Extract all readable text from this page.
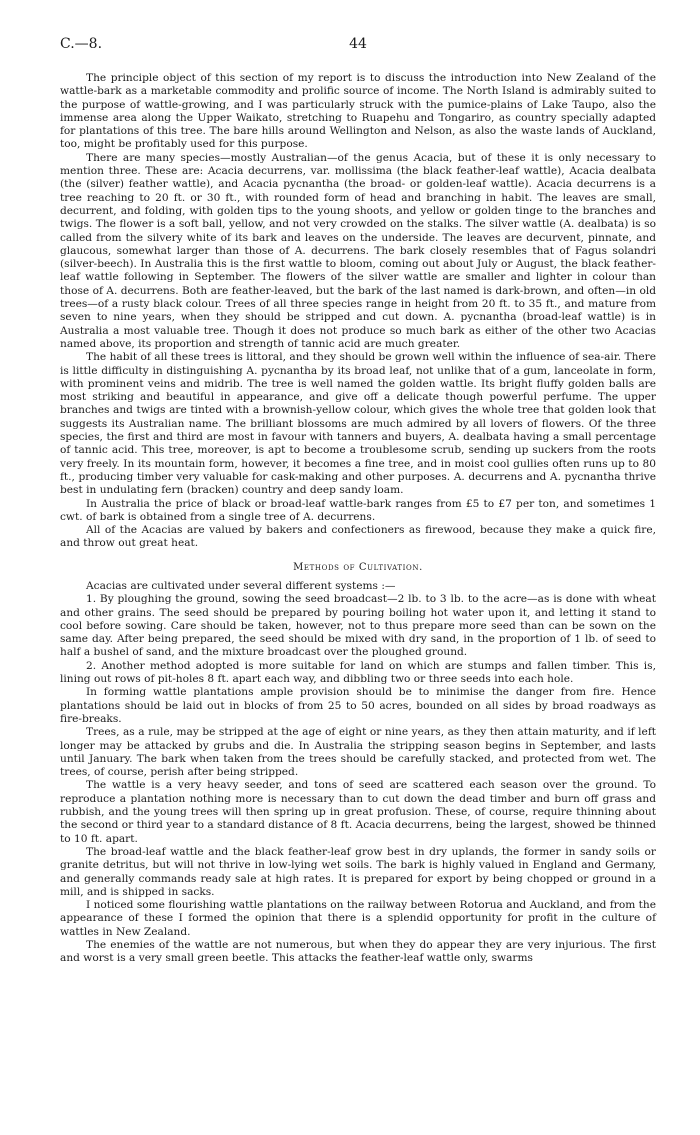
C.—8.	44

The principle object of this section of my report is to discuss the introduction into New Zealand of the wattle-bark as a marketable commodity and prolific source of income. The North Island is admirably suited to the purpose of wattle-growing, and I was particularly struck with the pumice-plains of Lake Taupo, also the immense area along the Upper Waikato, stretching to Ruapehu and Tongariro, as country specially adapted for plantations of this tree. The bare hills around Wellington and Nelson, as also the waste lands of Auckland, too, might be profitably used for this purpose.

There are many species—mostly Australian—of the genus Acacia, but of these it is only necessary to mention three. These are: Acacia decurrens, var. mollissima (the black feather-leaf wattle), Acacia dealbata (the (silver) feather wattle), and Acacia pycnantha (the broad- or golden-leaf wattle). Acacia decurrens is a tree reaching to 20 ft. or 30 ft., with rounded form of head and branching in habit. The leaves are small, decurrent, and folding, with golden tips to the young shoots, and yellow or golden tinge to the branches and twigs. The flower is a soft ball, yellow, and not very crowded on the stalks. The silver wattle (A. dealbata) is so called from the silvery white of its bark and leaves on the underside. The leaves are decurvent, pinnate, and glaucous, somewhat larger than those of A. decurrens. The bark closely resembles that of Fagus solandri (silver-beech). In Australia this is the first wattle to bloom, coming out about July or August, the black feather-leaf wattle following in September. The flowers of the silver wattle are smaller and lighter in colour than those of A. decurrens. Both are feather-leaved, but the bark of the last named is dark-brown, and often—in old trees—of a rusty black colour. Trees of all three species range in height from 20 ft. to 35 ft., and mature from seven to nine years, when they should be stripped and cut down. A. pycnantha (broad-leaf wattle) is in Australia a most valuable tree. Though it does not produce so much bark as either of the other two Acacias named above, its proportion and strength of tannic acid are much greater.

The habit of all these trees is littoral, and they should be grown well within the influence of sea-air. There is little difficulty in distinguishing A. pycnantha by its broad leaf, not unlike that of a gum, lanceolate in form, with prominent veins and midrib. The tree is well named the golden wattle. Its bright fluffy golden balls are most striking and beautiful in appearance, and give off a delicate though powerful perfume. The upper branches and twigs are tinted with a brownish-yellow colour, which gives the whole tree that golden look that suggests its Australian name. The brilliant blossoms are much admired by all lovers of flowers. Of the three species, the first and third are most in favour with tanners and buyers, A. dealbata having a small percentage of tannic acid. This tree, moreover, is apt to become a troublesome scrub, sending up suckers from the roots very freely. In its mountain form, however, it becomes a fine tree, and in moist cool gullies often runs up to 80 ft., producing timber very valuable for cask-making and other purposes. A. decurrens and A. pycnantha thrive best in undulating fern (bracken) country and deep sandy loam.

In Australia the price of black or broad-leaf wattle-bark ranges from £5 to £7 per ton, and sometimes 1 cwt. of bark is obtained from a single tree of A. decurrens.

All of the Acacias are valued by bakers and confectioners as firewood, because they make a quick fire, and throw out great heat.

Methods of Cultivation.

Acacias are cultivated under several different systems :—

1. By ploughing the ground, sowing the seed broadcast—2 lb. to 3 lb. to the acre—as is done with wheat and other grains. The seed should be prepared by pouring boiling hot water upon it, and letting it stand to cool before sowing. Care should be taken, however, not to thus prepare more seed than can be sown on the same day. After being prepared, the seed should be mixed with dry sand, in the proportion of 1 lb. of seed to half a bushel of sand, and the mixture broadcast over the ploughed ground.

2. Another method adopted is more suitable for land on which are stumps and fallen timber. This is, lining out rows of pit-holes 8 ft. apart each way, and dibbling two or three seeds into each hole.

In forming wattle plantations ample provision should be to minimise the danger from fire. Hence plantations should be laid out in blocks of from 25 to 50 acres, bounded on all sides by broad roadways as fire-breaks.

Trees, as a rule, may be stripped at the age of eight or nine years, as they then attain maturity, and if left longer may be attacked by grubs and die. In Australia the stripping season begins in September, and lasts until January. The bark when taken from the trees should be carefully stacked, and protected from wet. The trees, of course, perish after being stripped.

The wattle is a very heavy seeder, and tons of seed are scattered each season over the ground. To reproduce a plantation nothing more is necessary than to cut down the dead timber and burn off grass and rubbish, and the young trees will then spring up in great profusion. These, of course, require thinning about the second or third year to a standard distance of 8 ft. Acacia decurrens, being the largest, showed be thinned to 10 ft. apart.

The broad-leaf wattle and the black feather-leaf grow best in dry uplands, the former in sandy soils or granite detritus, but will not thrive in low-lying wet soils. The bark is highly valued in England and Germany, and generally commands ready sale at high rates. It is prepared for export by being chopped or ground in a mill, and is shipped in sacks.

I noticed some flourishing wattle plantations on the railway between Rotorua and Auckland, and from the appearance of these I formed the opinion that there is a splendid opportunity for profit in the culture of wattles in New Zealand.

The enemies of the wattle are not numerous, but when they do appear they are very injurious. The first and worst is a very small green beetle. This attacks the feather-leaf wattle only, swarms
